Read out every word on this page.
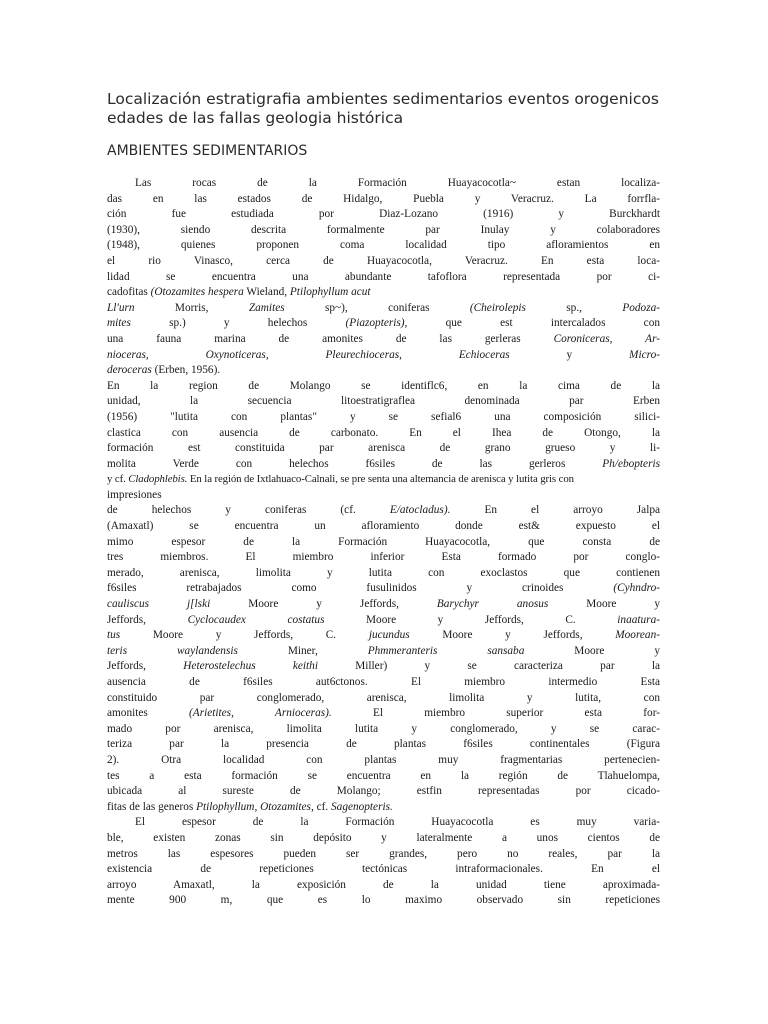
Localización estratigrafia ambientes sedimentarios eventos orogenicos edades de las fallas geologia histórica
AMBIENTES SEDIMENTARIOS
Las rocas de la Formación Huayacocotla~ estan localiza-
das en las estados de Hidalgo, Puebla y Veracruz. La forrfla-
ción fue estudiada por Diaz-Lozano (1916) y Burckhardt
(1930), siendo descrita formalmente par Inulay y colaboradores
(1948), quienes proponen coma localidad tipo afloramientos en
el rio Vinasco, cerca de Huayacocotla, Veracruz. En esta loca-
lidad se encuentra una abundante tafoflora representada por ci-
cadofitas (Otozamites hespera Wieland, Ptilophyllum acut
Ll'urn Morris, Zamites sp~), coniferas (Cheirolepis sp., Podoza-
mites sp.) y helechos (Piazopteris), que est intercalados con
una fauna marina de amonites de las gerleras Coroniceras, Ar-
nioceras, Oxynoticeras, Pleurechioceras, Echioceras y Micro-
deroceras (Erben, 1956).
En la region de Molango se identiflc6, en la cima de la
unidad, la secuencia litoestratigraflea denominada par Erben
(1956) "lutita con plantas" y se sefial6 una composición silici-
clastica con ausencia de carbonato. En el Ihea de Otongo, la
formación est constituida par arenisca de grano grueso y li-
molita Verde con helechos f6siles de las gerleros Ph/ebopteris
y cf. Cladophlebis. En la región de Ixtlahuaco-Calnali, se pre senta una altemancia de arenisca y lutita gris con
impresiones
de helechos y coniferas (cf. E/atocladus). En el arroyo Jalpa
(Amaxatl) se encuentra un afloramiento donde est& expuesto el
mimo espesor de la Formación Huayacocotla, que consta de
tres miembros. El miembro inferior Esta formado por conglo-
merado, arenisca, limolita y lutita con exoclastos que contienen
f6siles retrabajados como fusulinidos y crinoides (Cyhndro-
cauliscus j[lski Moore y Jeffords, Barychyr anosus Moore y
Jeffords, Cyclocaudex costatus Moore y Jeffords, C. inaatura-
tus Moore y Jeffords, C. jucundus Moore y Jeffords, Moorean-
teris waylandensis Miner, Phmmeranteris sansaba Moore y
Jeffords, Heterostelechus keithi Miller) y se caracteriza par la
ausencia de f6siles aut6ctonos. El miembro intermedio Esta
constituido par conglomerado, arenisca, limolita y lutita, con
amonites (Arietites, Arnioceras). El miembro superior esta for-
mado por arenisca, limolita lutita y conglomerado, y se carac-
teriza par la presencia de plantas f6siles continentales (Figura
2). Otra localidad con plantas muy fragmentarias pertenecien-
tes a esta formación se encuentra en la región de Tlahuelompa,
ubicada al sureste de Molango; estfin representadas por cicado-
fitas de las generos Ptilophyllum, Otozamites, cf. Sagenopteris.
El espesor de la Formación Huayacocotla es muy varia-
ble, existen zonas sin depósito y lateralmente a unos cientos de
metros las espesores pueden ser grandes, pero no reales, par la
existencia de repeticiones tectónicas intraformacionales. En el
arroyo Amaxatl, la exposición de la unidad tiene aproximada-
mente 900 m, que es lo maximo observado sin repeticiones
